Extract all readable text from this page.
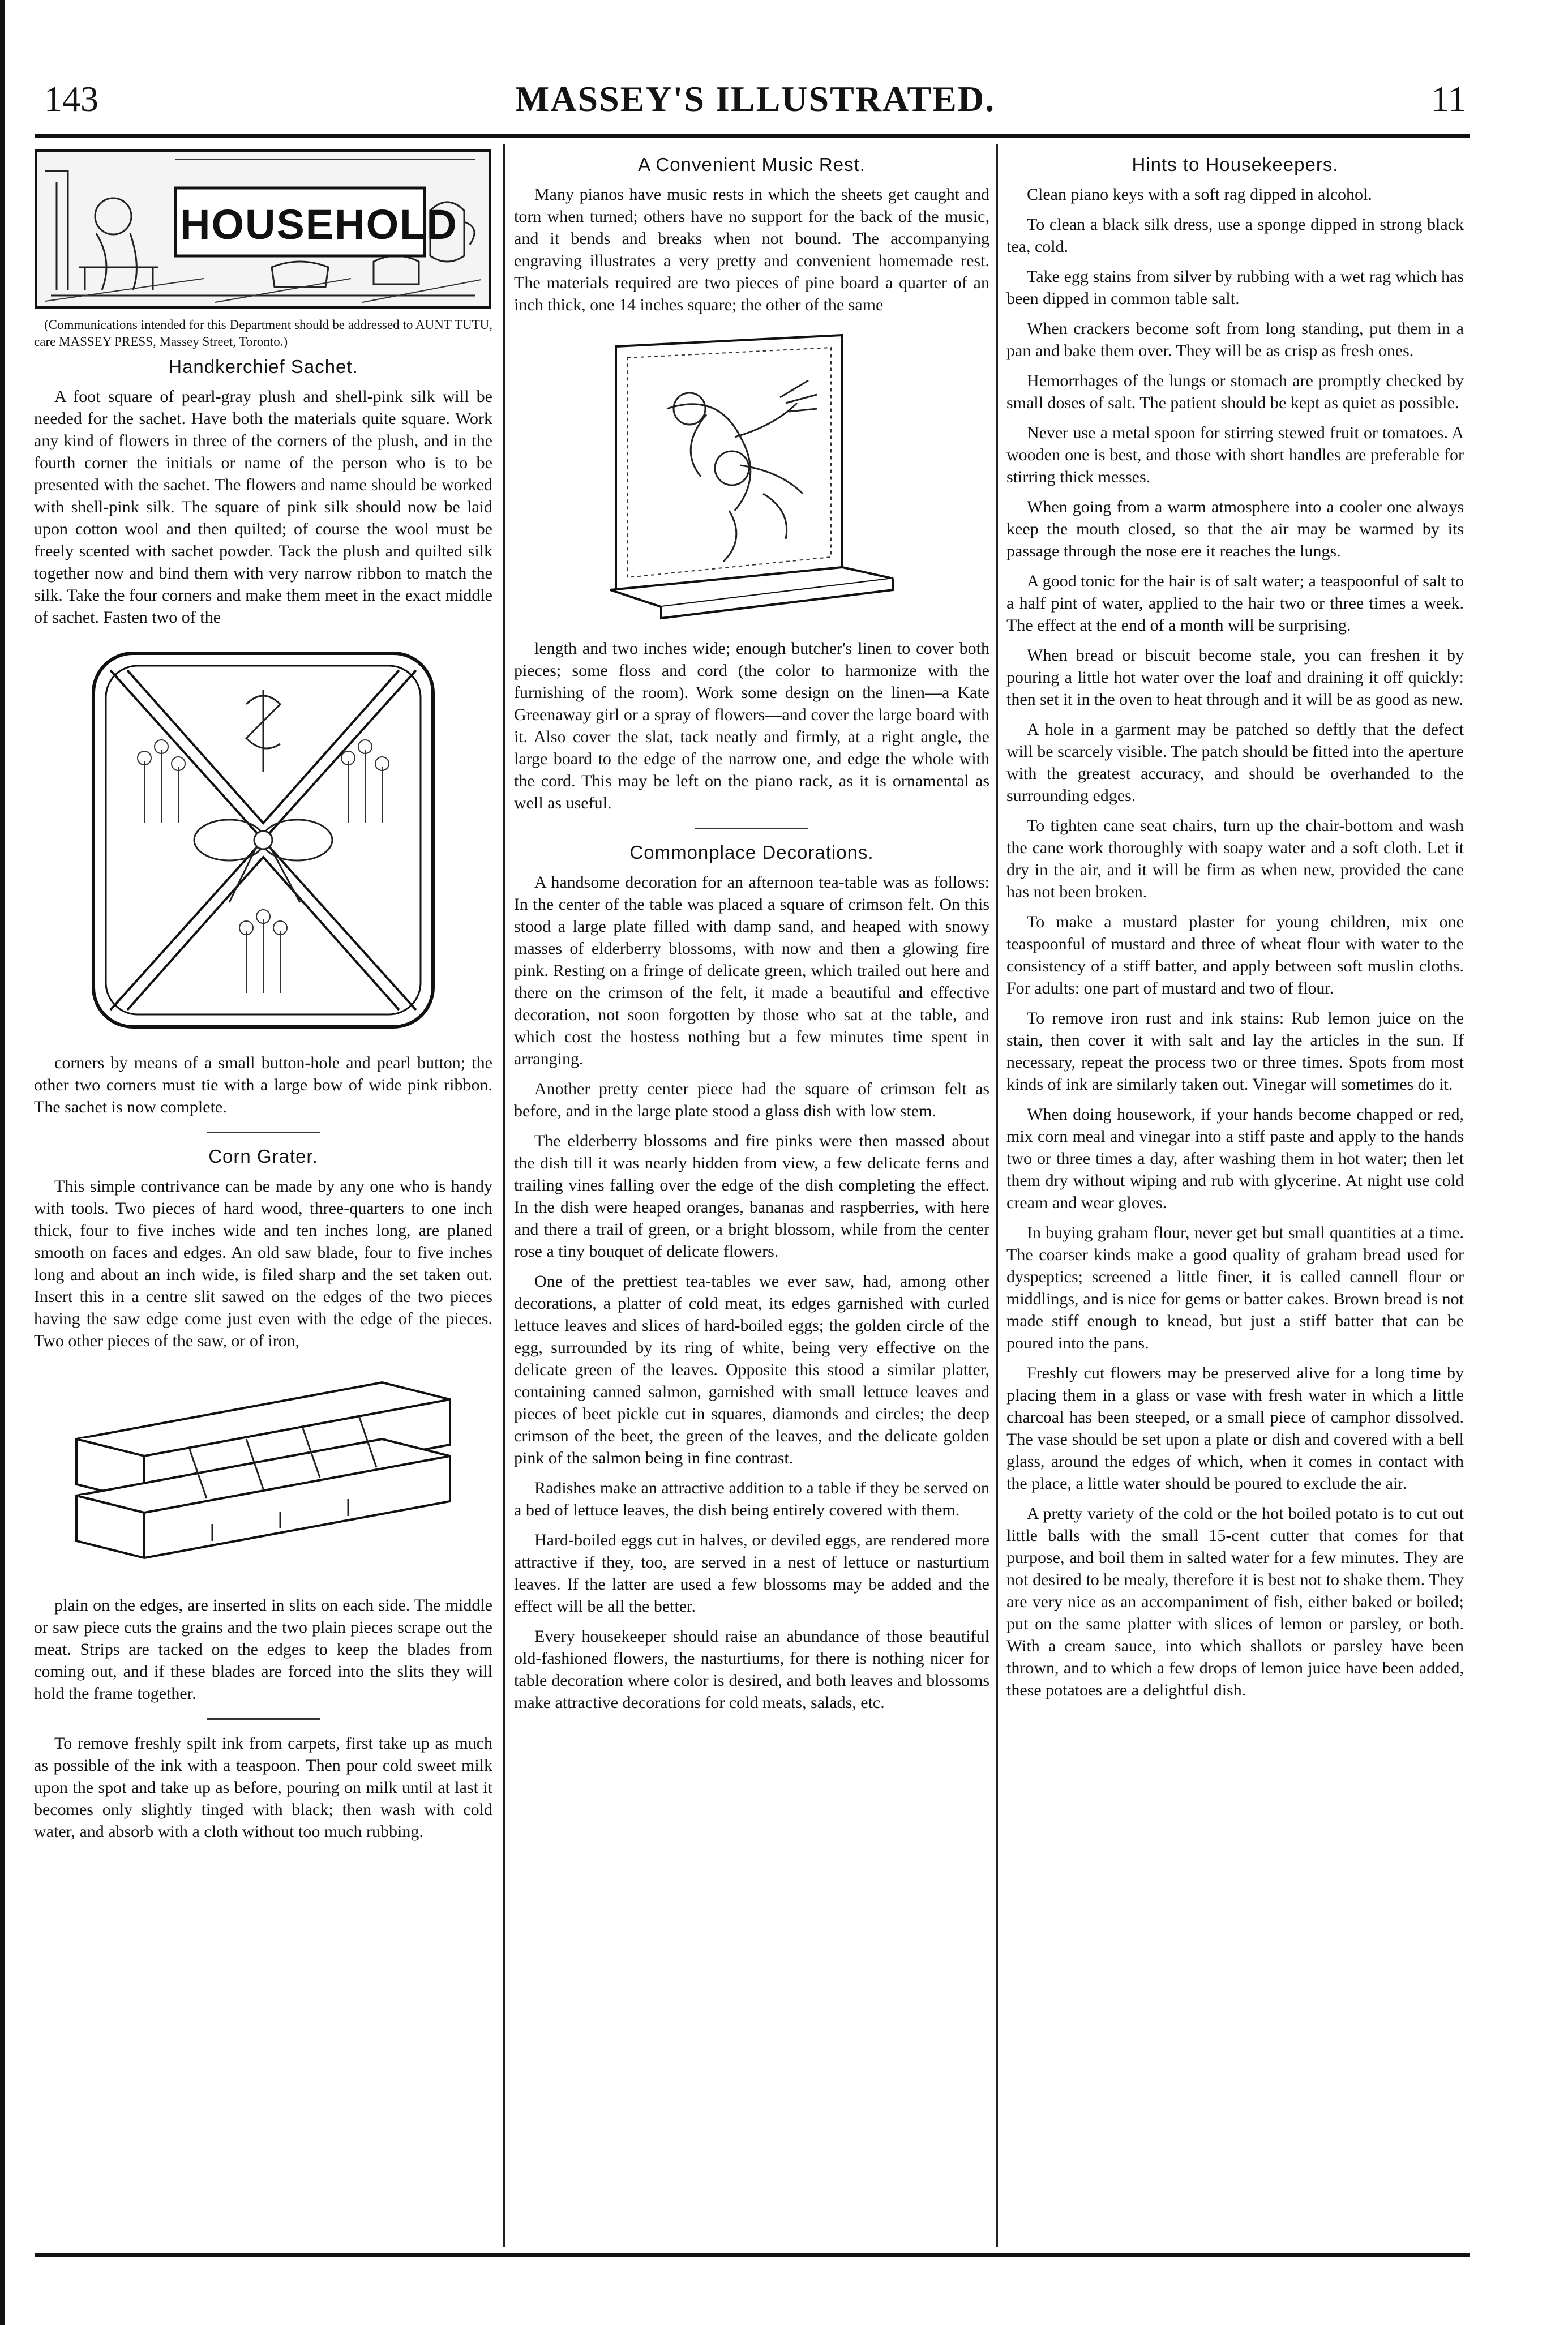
143	MASSEY'S ILLUSTRATED.	11
HOUSEHOLD

(Communications intended for this Department should be addressed to AUNT TUTU, care MASSEY PRESS, Massey Street, Toronto.)

Handkerchief Sachet.

A foot square of pearl-gray plush and shell-pink silk will be needed for the sachet. Have both the materials quite square. Work any kind of flowers in three of the corners of the plush, and in the fourth corner the initials or name of the person who is to be presented with the sachet. The flowers and name should be worked with shell-pink silk. The square of pink silk should now be laid upon cotton wool and then quilted; of course the wool must be freely scented with sachet powder. Tack the plush and quilted silk together now and bind them with very narrow ribbon to match the silk. Take the four corners and make them meet in the exact middle of sachet. Fasten two of the

corners by means of a small button-hole and pearl button; the other two corners must tie with a large bow of wide pink ribbon. The sachet is now complete.

Corn Grater.

This simple contrivance can be made by any one who is handy with tools. Two pieces of hard wood, three-quarters to one inch thick, four to five inches wide and ten inches long, are planed smooth on faces and edges. An old saw blade, four to five inches long and about an inch wide, is filed sharp and the set taken out. Insert this in a centre slit sawed on the edges of the two pieces having the saw edge come just even with the edge of the pieces. Two other pieces of the saw, or of iron,

plain on the edges, are inserted in slits on each side. The middle or saw piece cuts the grains and the two plain pieces scrape out the meat. Strips are tacked on the edges to keep the blades from coming out, and if these blades are forced into the slits they will hold the frame together.

To remove freshly spilt ink from carpets, first take up as much as possible of the ink with a teaspoon. Then pour cold sweet milk upon the spot and take up as before, pouring on milk until at last it becomes only slightly tinged with black; then wash with cold water, and absorb with a cloth without too much rubbing.

A Convenient Music Rest.

Many pianos have music rests in which the sheets get caught and torn when turned; others have no support for the back of the music, and it bends and breaks when not bound. The accompanying engraving illustrates a very pretty and convenient homemade rest. The materials required are two pieces of pine board a quarter of an inch thick, one 14 inches square; the other of the same

length and two inches wide; enough butcher's linen to cover both pieces; some floss and cord (the color to harmonize with the furnishing of the room). Work some design on the linen—a Kate Greenaway girl or a spray of flowers—and cover the large board with it. Also cover the slat, tack neatly and firmly, at a right angle, the large board to the edge of the narrow one, and edge the whole with the cord. This may be left on the piano rack, as it is ornamental as well as useful.

Commonplace Decorations.

A handsome decoration for an afternoon tea-table was as follows: In the center of the table was placed a square of crimson felt. On this stood a large plate filled with damp sand, and heaped with snowy masses of elderberry blossoms, with now and then a glowing fire pink. Resting on a fringe of delicate green, which trailed out here and there on the crimson of the felt, it made a beautiful and effective decoration, not soon forgotten by those who sat at the table, and which cost the hostess nothing but a few minutes time spent in arranging.

Another pretty center piece had the square of crimson felt as before, and in the large plate stood a glass dish with low stem.

The elderberry blossoms and fire pinks were then massed about the dish till it was nearly hidden from view, a few delicate ferns and trailing vines falling over the edge of the dish completing the effect. In the dish were heaped oranges, bananas and raspberries, with here and there a trail of green, or a bright blossom, while from the center rose a tiny bouquet of delicate flowers.

One of the prettiest tea-tables we ever saw, had, among other decorations, a platter of cold meat, its edges garnished with curled lettuce leaves and slices of hard-boiled eggs; the golden circle of the egg, surrounded by its ring of white, being very effective on the delicate green of the leaves. Opposite this stood a similar platter, containing canned salmon, garnished with small lettuce leaves and pieces of beet pickle cut in squares, diamonds and circles; the deep crimson of the beet, the green of the leaves, and the delicate golden pink of the salmon being in fine contrast.

Radishes make an attractive addition to a table if they be served on a bed of lettuce leaves, the dish being entirely covered with them.

Hard-boiled eggs cut in halves, or deviled eggs, are rendered more attractive if they, too, are served in a nest of lettuce or nasturtium leaves. If the latter are used a few blossoms may be added and the effect will be all the better.

Every housekeeper should raise an abundance of those beautiful old-fashioned flowers, the nasturtiums, for there is nothing nicer for table decoration where color is desired, and both leaves and blossoms make attractive decorations for cold meats, salads, etc.

Hints to Housekeepers.

Clean piano keys with a soft rag dipped in alcohol.

To clean a black silk dress, use a sponge dipped in strong black tea, cold.

Take egg stains from silver by rubbing with a wet rag which has been dipped in common table salt.

When crackers become soft from long standing, put them in a pan and bake them over. They will be as crisp as fresh ones.

Hemorrhages of the lungs or stomach are promptly checked by small doses of salt. The patient should be kept as quiet as possible.

Never use a metal spoon for stirring stewed fruit or tomatoes. A wooden one is best, and those with short handles are preferable for stirring thick messes.

When going from a warm atmosphere into a cooler one always keep the mouth closed, so that the air may be warmed by its passage through the nose ere it reaches the lungs.

A good tonic for the hair is of salt water; a teaspoonful of salt to a half pint of water, applied to the hair two or three times a week. The effect at the end of a month will be surprising.

When bread or biscuit become stale, you can freshen it by pouring a little hot water over the loaf and draining it off quickly: then set it in the oven to heat through and it will be as good as new.

A hole in a garment may be patched so deftly that the defect will be scarcely visible. The patch should be fitted into the aperture with the greatest accuracy, and should be overhanded to the surrounding edges.

To tighten cane seat chairs, turn up the chair-bottom and wash the cane work thoroughly with soapy water and a soft cloth. Let it dry in the air, and it will be firm as when new, provided the cane has not been broken.

To make a mustard plaster for young children, mix one teaspoonful of mustard and three of wheat flour with water to the consistency of a stiff batter, and apply between soft muslin cloths. For adults: one part of mustard and two of flour.

To remove iron rust and ink stains: Rub lemon juice on the stain, then cover it with salt and lay the articles in the sun. If necessary, repeat the process two or three times. Spots from most kinds of ink are similarly taken out. Vinegar will sometimes do it.

When doing housework, if your hands become chapped or red, mix corn meal and vinegar into a stiff paste and apply to the hands two or three times a day, after washing them in hot water; then let them dry without wiping and rub with glycerine. At night use cold cream and wear gloves.

In buying graham flour, never get but small quantities at a time. The coarser kinds make a good quality of graham bread used for dyspeptics; screened a little finer, it is called cannell flour or middlings, and is nice for gems or batter cakes. Brown bread is not made stiff enough to knead, but just a stiff batter that can be poured into the pans.

Freshly cut flowers may be preserved alive for a long time by placing them in a glass or vase with fresh water in which a little charcoal has been steeped, or a small piece of camphor dissolved. The vase should be set upon a plate or dish and covered with a bell glass, around the edges of which, when it comes in contact with the place, a little water should be poured to exclude the air.

A pretty variety of the cold or the hot boiled potato is to cut out little balls with the small 15-cent cutter that comes for that purpose, and boil them in salted water for a few minutes. They are not desired to be mealy, therefore it is best not to shake them. They are very nice as an accompaniment of fish, either baked or boiled; put on the same platter with slices of lemon or parsley, or both. With a cream sauce, into which shallots or parsley have been thrown, and to which a few drops of lemon juice have been added, these potatoes are a delightful dish.
